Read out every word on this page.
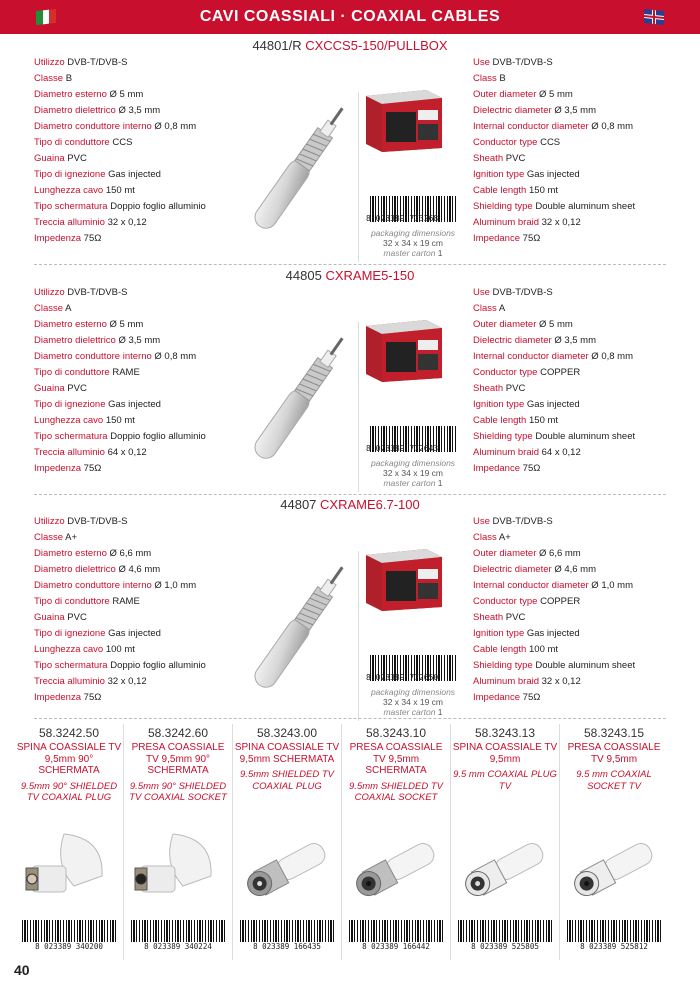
CAVI COASSIALI · COAXIAL CABLES
44801/R CXCCS5-150/PULLBOX
Utilizzo DVB-T/DVB-S
Classe B
Diametro esterno Ø 5 mm
Diametro dielettrico Ø 3,5 mm
Diametro conduttore interno Ø 0,8 mm
Tipo di conduttore CCS
Guaina PVC
Tipo di ignezione Gas injected
Lunghezza cavo 150 mt
Tipo schermatura Doppio foglio alluminio
Treccia alluminio 32 x 0,12
Impedenza 75Ω
Use DVB-T/DVB-S
Class B
Outer diameter Ø 5 mm
Dielectric diameter Ø 3,5 mm
Internal conductor diameter Ø 0,8 mm
Conductor type CCS
Sheath PVC
Ignition type Gas injected
Cable length 150 mt
Shielding type Double aluminum sheet
Aluminum braid 32 x 0,12
Impedance 75Ω
8 023389 773268
packaging dimensions
32 x 34 x 19 cm
master carton 1
44805 CXRAME5-150
Utilizzo DVB-T/DVB-S
Classe A
Diametro esterno Ø 5 mm
Diametro dielettrico Ø 3,5 mm
Diametro conduttore interno Ø 0,8 mm
Tipo di conduttore RAME
Guaina PVC
Tipo di ignezione Gas injected
Lunghezza cavo 150 mt
Tipo schermatura Doppio foglio alluminio
Treccia alluminio 64 x 0,12
Impedenza 75Ω
Use DVB-T/DVB-S
Class A
Outer diameter Ø 5 mm
Dielectric diameter Ø 3,5 mm
Internal conductor diameter Ø 0,8 mm
Conductor type COPPER
Sheath PVC
Ignition type Gas injected
Cable length 150 mt
Shielding type Double aluminum sheet
Aluminum braid 64 x 0,12
Impedance 75Ω
8 023389 772643
packaging dimensions
32 x 34 x 19 cm
master carton 1
44807 CXRAME6.7-100
Utilizzo DVB-T/DVB-S
Classe A+
Diametro esterno Ø 6,6 mm
Diametro dielettrico Ø 4,6 mm
Diametro conduttore interno Ø 1,0 mm
Tipo di conduttore RAME
Guaina PVC
Tipo di ignezione Gas injected
Lunghezza cavo 100 mt
Tipo schermatura Doppio foglio alluminio
Treccia alluminio 32 x 0,12
Impedenza 75Ω
Use DVB-T/DVB-S
Class A+
Outer diameter Ø 6,6 mm
Dielectric diameter Ø 4,6 mm
Internal conductor diameter Ø 1,0 mm
Conductor type COPPER
Sheath PVC
Ignition type Gas injected
Cable length 100 mt
Shielding type Double aluminum sheet
Aluminum braid 32 x 0,12
Impedance 75Ω
8 023389 772650
packaging dimensions
32 x 34 x 19 cm
master carton 1
58.3242.50
SPINA COASSIALE TV 9,5mm 90° SCHERMATA
9.5mm 90° SHIELDED TV COAXIAL PLUG
8 023389 340200
58.3242.60
PRESA COASSIALE TV 9,5mm 90° SCHERMATA
9.5mm 90° SHIELDED TV COAXIAL SOCKET
8 023389 340224
58.3243.00
SPINA COASSIALE TV 9,5mm SCHERMATA
9.5mm SHIELDED TV COAXIAL PLUG
8 023389 166435
58.3243.10
PRESA COASSIALE TV 9,5mm SCHERMATA
9.5mm SHIELDED TV COAXIAL SOCKET
8 023389 166442
58.3243.13
SPINA COASSIALE TV 9,5mm
9.5 mm COAXIAL PLUG TV
8 023389 525805
58.3243.15
PRESA COASSIALE TV 9,5mm
9.5 mm COAXIAL SOCKET TV
8 023389 525812
40
